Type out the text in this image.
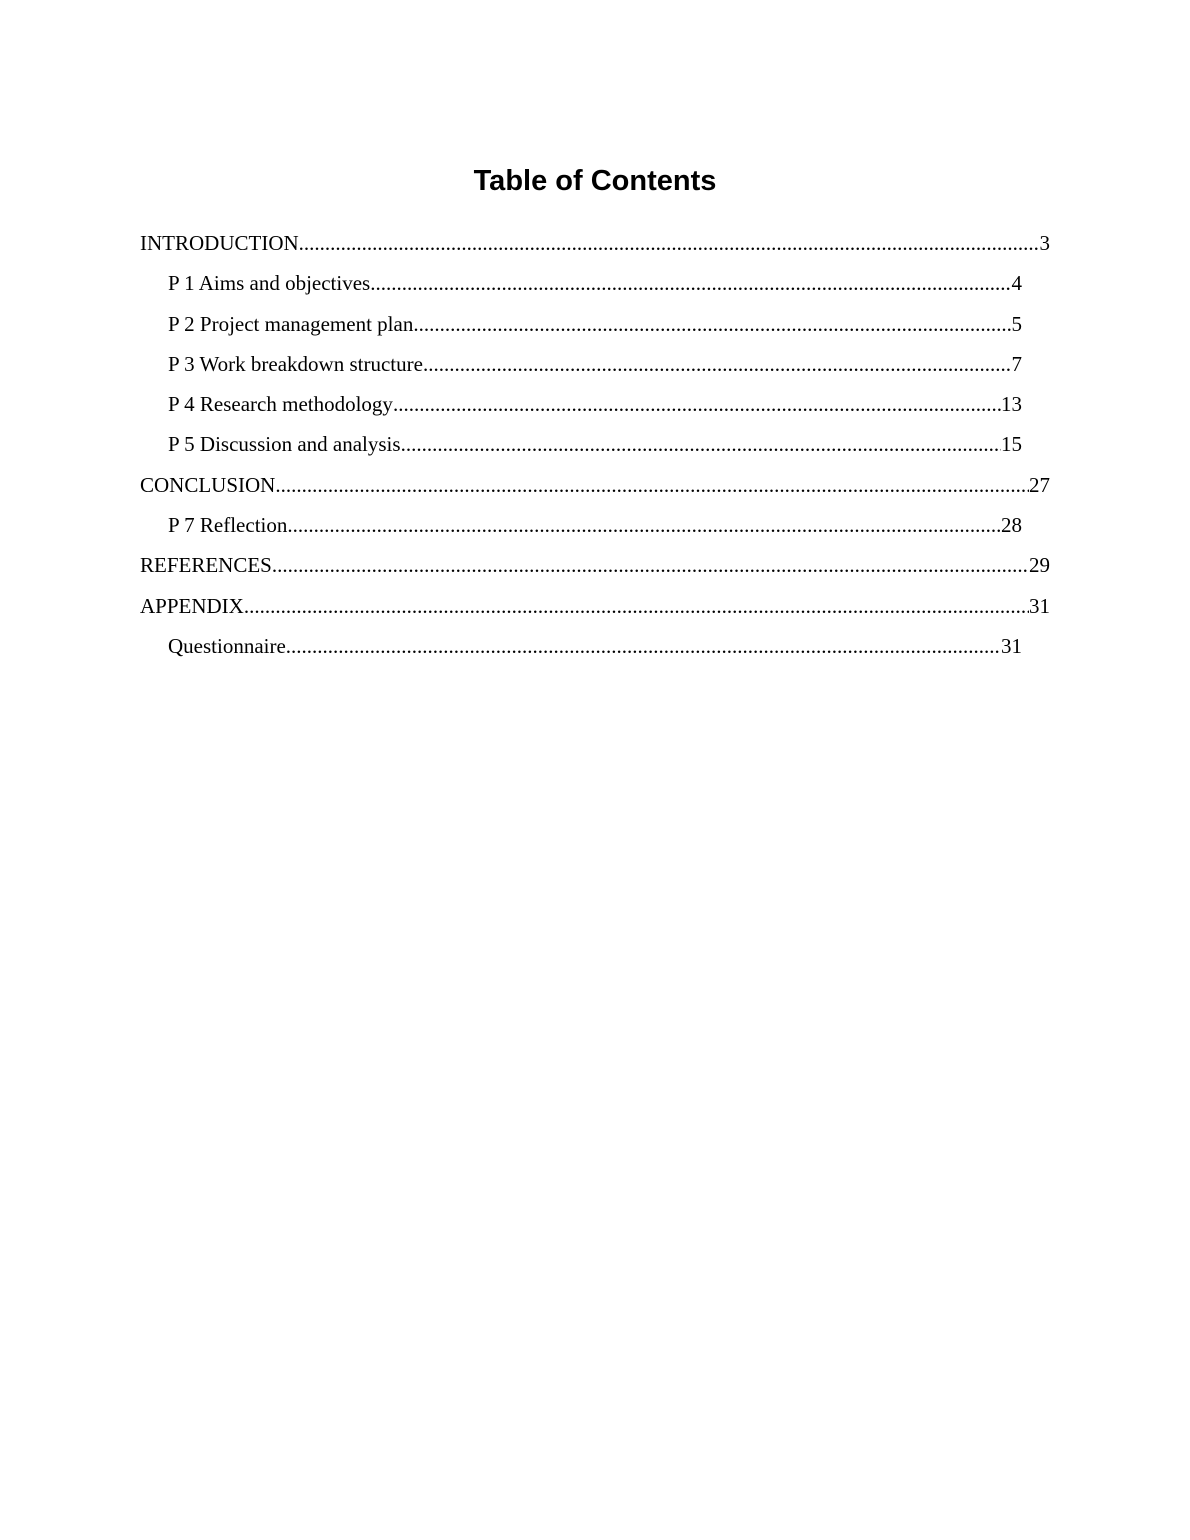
Table of Contents
INTRODUCTION .....	3
P 1 Aims and objectives .....	4
P 2 Project management plan .....	5
P 3 Work breakdown structure .....	7
P 4 Research methodology .....	13
P 5 Discussion and analysis .....	15
CONCLUSION .....	27
P 7 Reflection .....	28
REFERENCES .....	29
APPENDIX .....	31
Questionnaire .....	31
